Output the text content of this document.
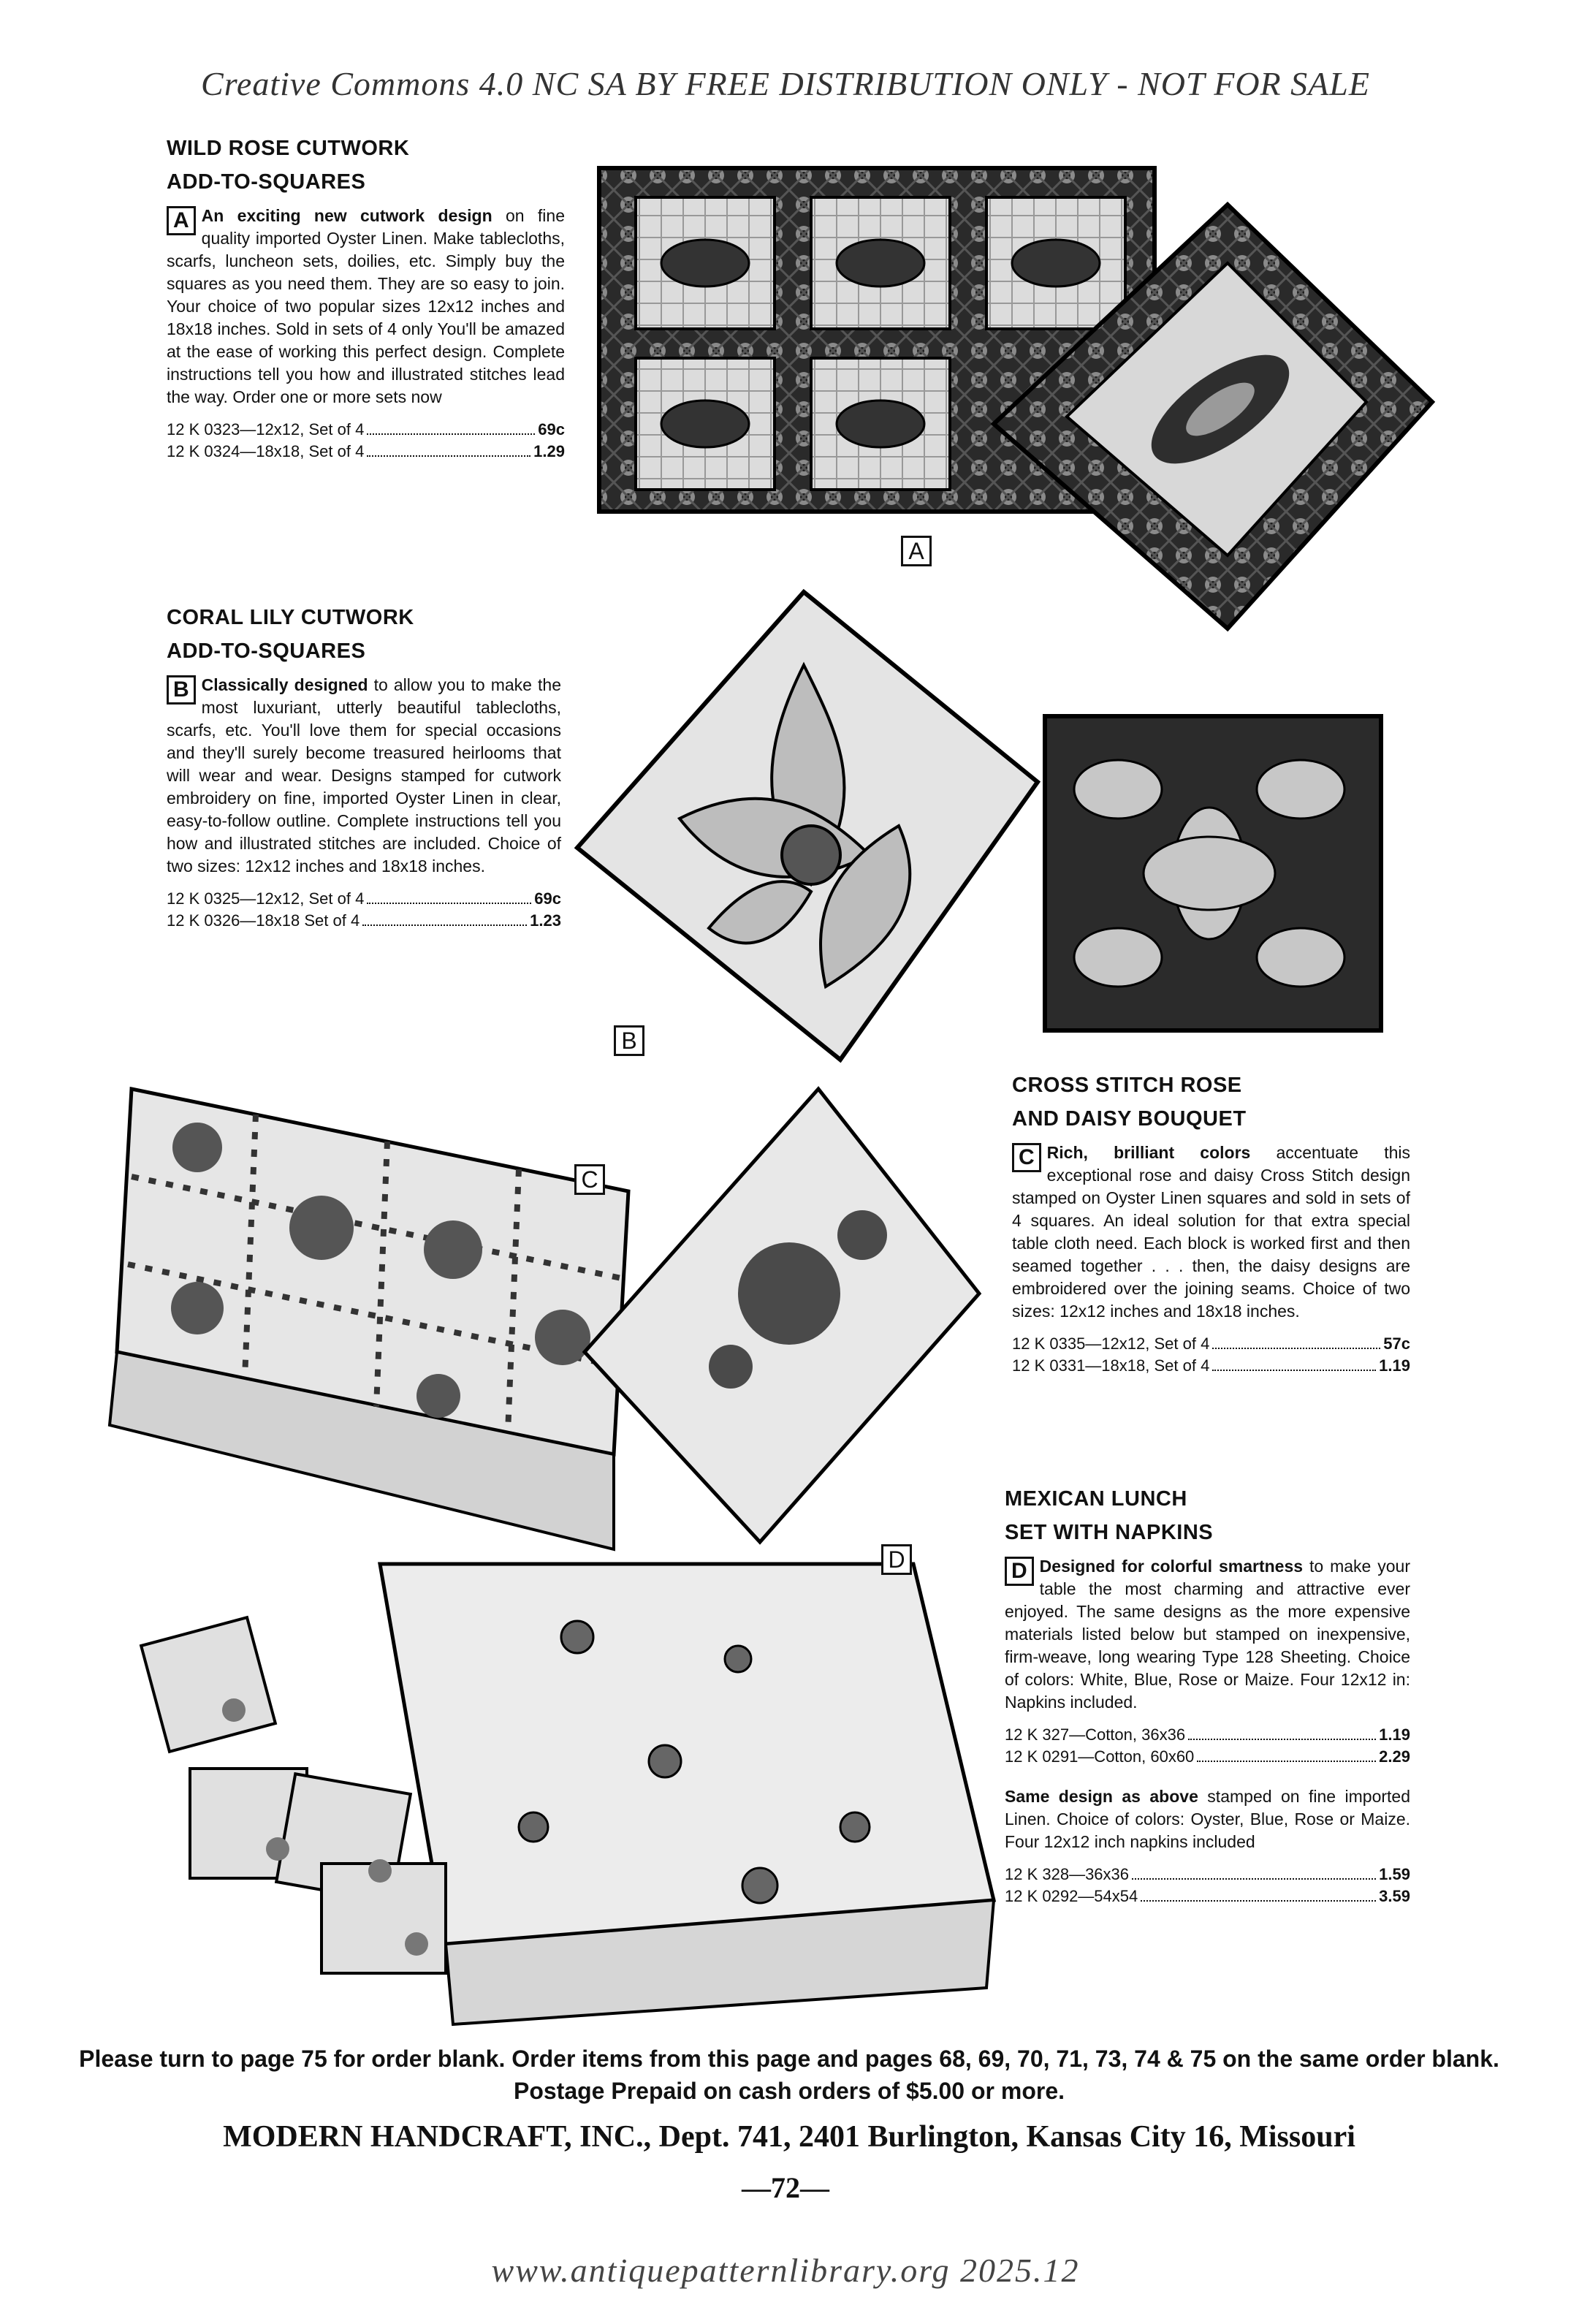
Creative Commons 4.0 NC SA BY FREE DISTRIBUTION ONLY - NOT FOR SALE
A
B
C
D
WILD ROSE CUTWORK
ADD-TO-SQUARES
A An exciting new cutwork design on fine quality imported Oyster Linen. Make tablecloths, scarfs, luncheon sets, doilies, etc. Simply buy the squares as you need them. They are so easy to join. Your choice of two popular sizes 12x12 inches and 18x18 inches. Sold in sets of 4 only You'll be amazed at the ease of working this perfect design. Complete instructions tell you how and illustrated stitches lead the way. Order one or more sets now
12 K 0323—12x12, Set of 4	69c
12 K 0324—18x18, Set of 4	1.29
CORAL LILY CUTWORK
ADD-TO-SQUARES
B Classically designed to allow you to make the most luxuriant, utterly beautiful tablecloths, scarfs, etc. You'll love them for special occasions and they'll surely become treasured heirlooms that will wear and wear. Designs stamped for cutwork embroidery on fine, imported Oyster Linen in clear, easy-to-follow outline. Complete instructions tell you how and illustrated stitches are included. Choice of two sizes: 12x12 inches and 18x18 inches.
12 K 0325—12x12, Set of 4	69c
12 K 0326—18x18 Set of 4	1.23
CROSS STITCH ROSE
AND DAISY BOUQUET
C Rich, brilliant colors accentuate this exceptional rose and daisy Cross Stitch design stamped on Oyster Linen squares and sold in sets of 4 squares. An ideal solution for that extra special table cloth need. Each block is worked first and then seamed together . . . then, the daisy designs are embroidered over the joining seams. Choice of two sizes: 12x12 inches and 18x18 inches.
12 K 0335—12x12, Set of 4	57c
12 K 0331—18x18, Set of 4	1.19
MEXICAN LUNCH
SET WITH NAPKINS
D Designed for colorful smartness to make your table the most charming and attractive ever enjoyed. The same designs as the more expensive materials listed below but stamped on inexpensive, firm-weave, long wearing Type 128 Sheeting. Choice of colors: White, Blue, Rose or Maize. Four 12x12 in: Napkins included.
12 K 327—Cotton, 36x36	1.19
12 K 0291—Cotton, 60x60	2.29
Same design as above stamped on fine imported Linen. Choice of colors: Oyster, Blue, Rose or Maize. Four 12x12 inch napkins included
12 K 328—36x36	1.59
12 K 0292—54x54	3.59
Please turn to page 75 for order blank. Order items from this page and pages 68, 69, 70, 71, 73, 74 & 75 on the same order blank. Postage Prepaid on cash orders of $5.00 or more.
MODERN HANDCRAFT, INC., Dept. 741, 2401 Burlington, Kansas City 16, Missouri
—72—
www.antiquepatternlibrary.org 2025.12
